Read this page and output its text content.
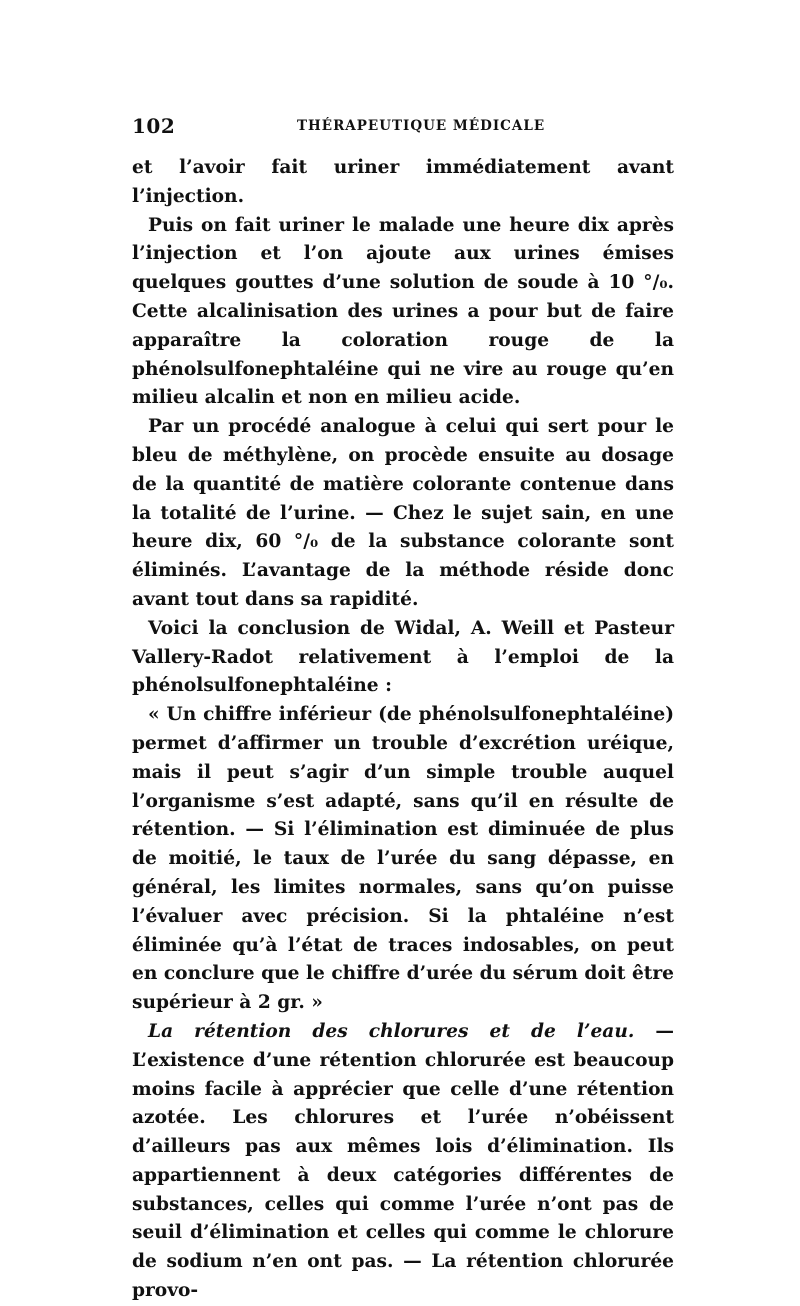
102	THÉRAPEUTIQUE MÉDICALE

et l’avoir fait uriner immédiatement avant l’injection.

Puis on fait uriner le malade une heure dix après l’injection et l’on ajoute aux urines émises quelques gouttes d’une solution de soude à 10 °/₀. Cette alcalinisation des urines a pour but de faire apparaître la coloration rouge de la phénolsulfonephtaléine qui ne vire au rouge qu’en milieu alcalin et non en milieu acide.

Par un procédé analogue à celui qui sert pour le bleu de méthylène, on procède ensuite au dosage de la quantité de matière colorante contenue dans la totalité de l’urine. — Chez le sujet sain, en une heure dix, 60 °/₀ de la substance colorante sont éliminés. L’avantage de la méthode réside donc avant tout dans sa rapidité.

Voici la conclusion de Widal, A. Weill et Pasteur Vallery-Radot relativement à l’emploi de la phénolsulfonephtaléine :

« Un chiffre inférieur (de phénolsulfonephtaléine) permet d’affirmer un trouble d’excrétion uréique, mais il peut s’agir d’un simple trouble auquel l’organisme s’est adapté, sans qu’il en résulte de rétention. — Si l’élimination est diminuée de plus de moitié, le taux de l’urée du sang dépasse, en général, les limites normales, sans qu’on puisse l’évaluer avec précision. Si la phtaléine n’est éliminée qu’à l’état de traces indosables, on peut en conclure que le chiffre d’urée du sérum doit être supérieur à 2 gr. »

La rétention des chlorures et de l’eau. — L’existence d’une rétention chlorurée est beaucoup moins facile à apprécier que celle d’une rétention azotée. Les chlorures et l’urée n’obéissent d’ailleurs pas aux mêmes lois d’élimination. Ils appartiennent à deux catégories différentes de substances, celles qui comme l’urée n’ont pas de seuil d’élimination et celles qui comme le chlorure de sodium n’en ont pas. — La rétention chlorurée provo-
